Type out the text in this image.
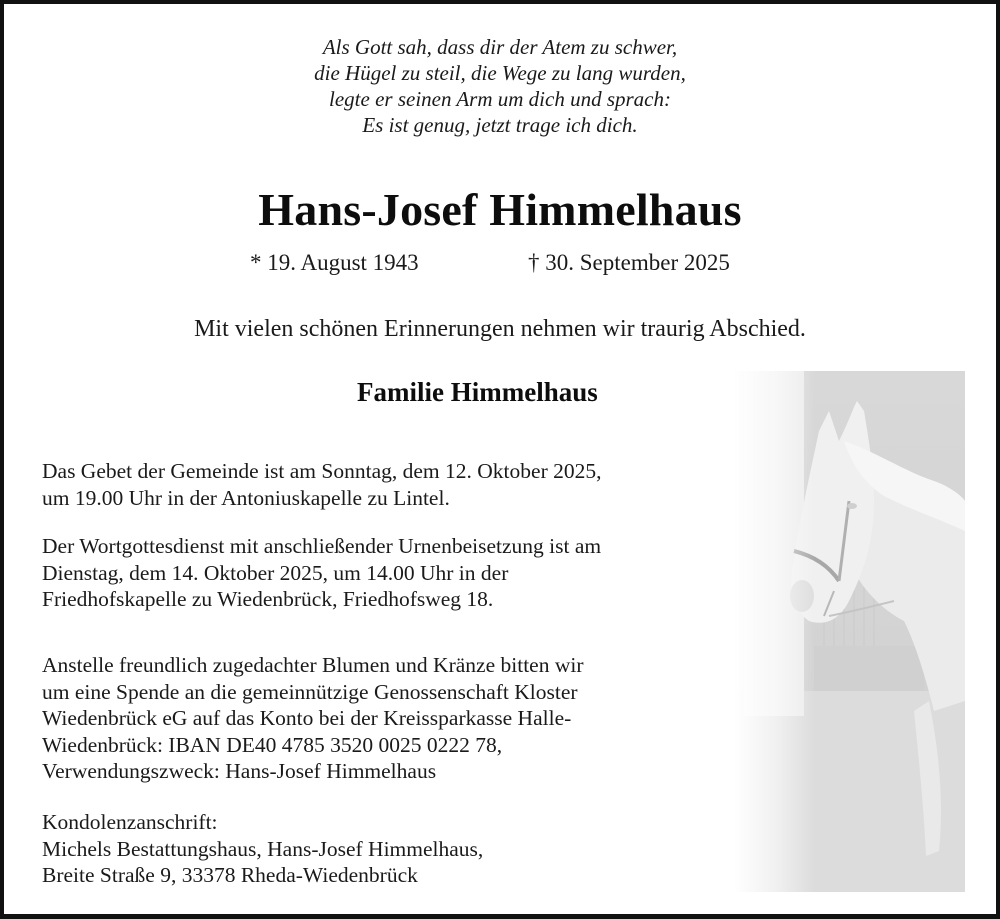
Als Gott sah, dass dir der Atem zu schwer,
die Hügel zu steil, die Wege zu lang wurden,
legte er seinen Arm um dich und sprach:
Es ist genug, jetzt trage ich dich.
Hans-Josef Himmelhaus
* 19. August 1943	† 30. September 2025
Mit vielen schönen Erinnerungen nehmen wir traurig Abschied.
Familie Himmelhaus
Das Gebet der Gemeinde ist am Sonntag, dem 12. Oktober 2025,
um 19.00 Uhr in der Antoniuskapelle zu Lintel.
Der Wortgottesdienst mit anschließender Urnenbeisetzung ist am
Dienstag, dem 14. Oktober 2025, um 14.00 Uhr in der
Friedhofskapelle zu Wiedenbrück, Friedhofsweg 18.
Anstelle freundlich zugedachter Blumen und Kränze bitten wir
um eine Spende an die gemeinnützige Genossenschaft Kloster
Wiedenbrück eG auf das Konto bei der Kreissparkasse Halle-
Wiedenbrück: IBAN DE40 4785 3520 0025 0222 78,
Verwendungszweck: Hans-Josef Himmelhaus
Kondolenzanschrift:
Michels Bestattungshaus, Hans-Josef Himmelhaus,
Breite Straße 9, 33378 Rheda-Wiedenbrück
